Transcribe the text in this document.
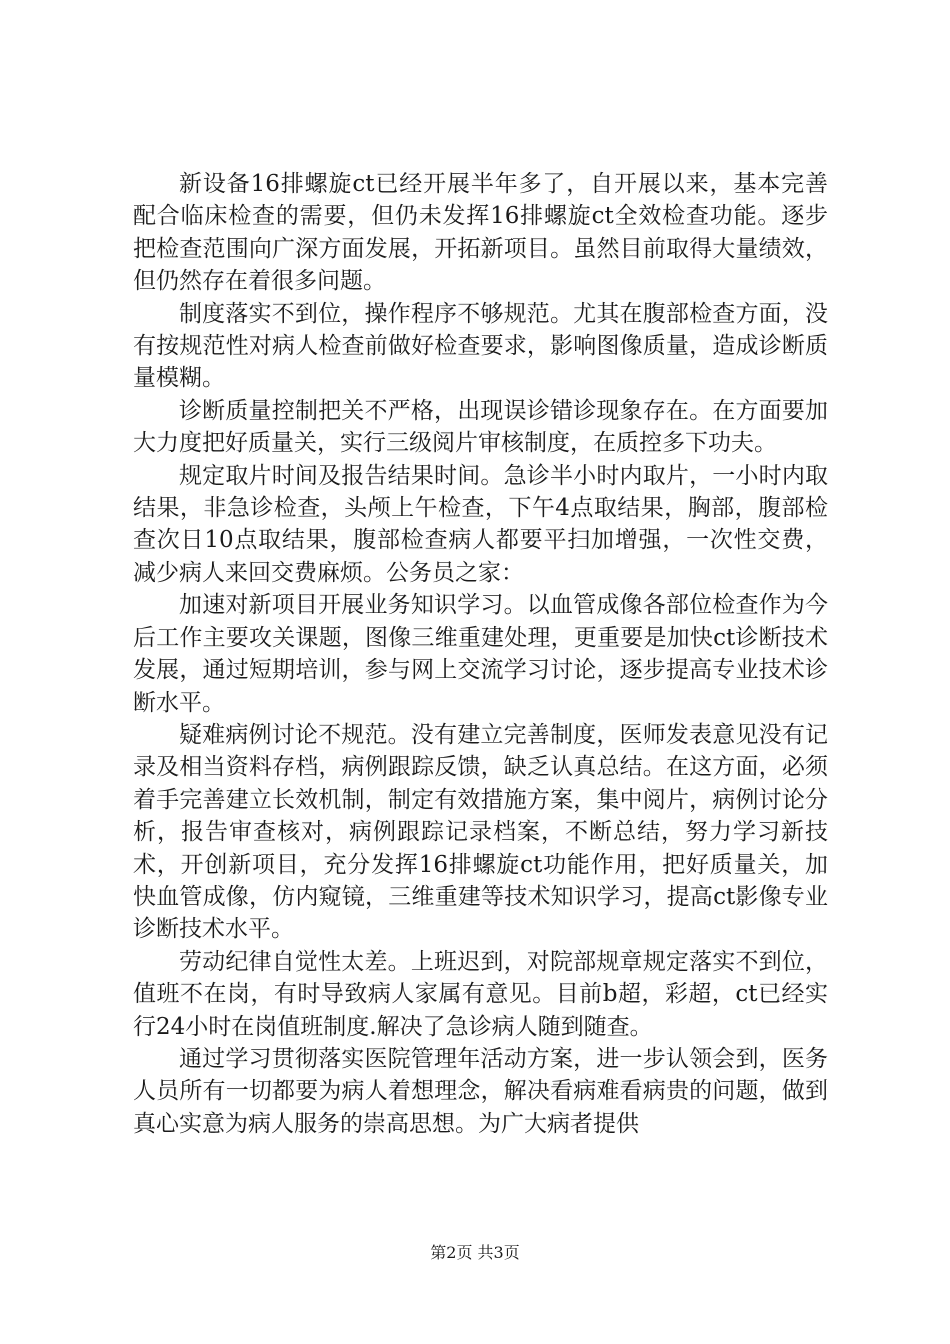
新设备16排螺旋ct已经开展半年多了，自开展以来，基本完善配合临床检查的需要，但仍未发挥16排螺旋ct全效检查功能。逐步把检查范围向广深方面发展，开拓新项目。虽然目前取得大量绩效，但仍然存在着很多问题。

制度落实不到位，操作程序不够规范。尤其在腹部检查方面，没有按规范性对病人检查前做好检查要求，影响图像质量，造成诊断质量模糊。

诊断质量控制把关不严格，出现误诊错诊现象存在。在方面要加大力度把好质量关，实行三级阅片审核制度，在质控多下功夫。

规定取片时间及报告结果时间。急诊半小时内取片，一小时内取结果，非急诊检查，头颅上午检查，下午4点取结果，胸部，腹部检查次日10点取结果，腹部检查病人都要平扫加增强，一次性交费，减少病人来回交费麻烦。公务员之家：

加速对新项目开展业务知识学习。以血管成像各部位检查作为今后工作主要攻关课题，图像三维重建处理，更重要是加快ct诊断技术发展，通过短期培训，参与网上交流学习讨论，逐步提高专业技术诊断水平。

疑难病例讨论不规范。没有建立完善制度，医师发表意见没有记录及相当资料存档，病例跟踪反馈，缺乏认真总结。在这方面，必须着手完善建立长效机制，制定有效措施方案，集中阅片，病例讨论分析，报告审查核对，病例跟踪记录档案，不断总结，努力学习新技术，开创新项目，充分发挥16排螺旋ct功能作用，把好质量关，加快血管成像，仿内窥镜，三维重建等技术知识学习，提高ct影像专业诊断技术水平。

劳动纪律自觉性太差。上班迟到，对院部规章规定落实不到位，值班不在岗，有时导致病人家属有意见。目前b超，彩超，ct已经实行24小时在岗值班制度.解决了急诊病人随到随查。

通过学习贯彻落实医院管理年活动方案，进一步认领会到，医务人员所有一切都要为病人着想理念，解决看病难看病贵的问题，做到真心实意为病人服务的崇高思想。为广大病者提供

第2页 共3页
